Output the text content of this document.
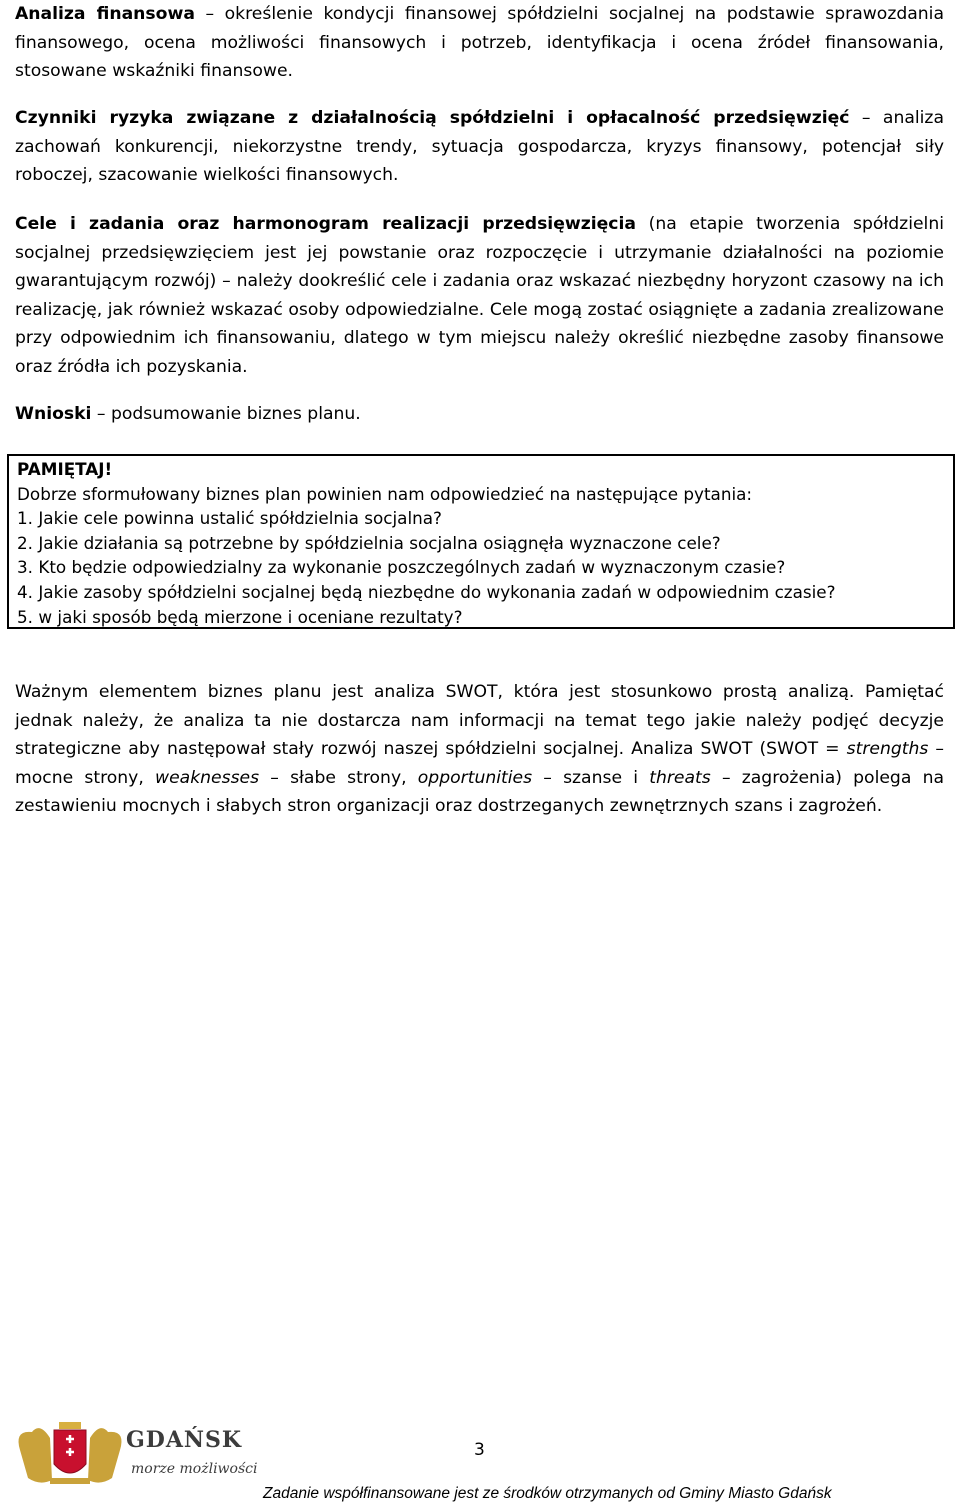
Analiza finansowa – określenie kondycji finansowej spółdzielni socjalnej na podstawie sprawozdania finansowego, ocena możliwości finansowych i potrzeb, identyfikacja i ocena źródeł finansowania, stosowane wskaźniki finansowe.

Czynniki ryzyka związane z działalnością spółdzielni i opłacalność przedsięwzięć – analiza zachowań konkurencji, niekorzystne trendy, sytuacja gospodarcza, kryzys finansowy, potencjał siły roboczej, szacowanie wielkości finansowych.

Cele i zadania oraz harmonogram realizacji przedsięwzięcia (na etapie tworzenia spółdzielni socjalnej przedsięwzięciem jest jej powstanie oraz rozpoczęcie i utrzymanie działalności na poziomie gwarantującym rozwój) – należy dookreślić cele i zadania oraz wskazać niezbędny horyzont czasowy na ich realizację, jak również wskazać osoby odpowiedzialne. Cele mogą zostać osiągnięte a zadania zrealizowane przy odpowiednim ich finansowaniu, dlatego w tym miejscu należy określić niezbędne zasoby finansowe oraz źródła ich pozyskania.

Wnioski – podsumowanie biznes planu.

PAMIĘTAJ!
Dobrze sformułowany biznes plan powinien nam odpowiedzieć na następujące pytania:
1. Jakie cele powinna ustalić spółdzielnia socjalna?
2. Jakie działania są potrzebne by spółdzielnia socjalna osiągnęła wyznaczone cele?
3. Kto będzie odpowiedzialny za wykonanie poszczególnych zadań w wyznaczonym czasie?
4. Jakie zasoby spółdzielni socjalnej będą niezbędne do wykonania zadań w odpowiednim czasie?
5. w jaki sposób będą mierzone i oceniane rezultaty?

Ważnym elementem biznes planu jest analiza SWOT, która jest stosunkowo prostą analizą. Pamiętać jednak należy, że analiza ta nie dostarcza nam informacji na temat tego jakie należy podjęć decyzje strategiczne aby następował stały rozwój naszej spółdzielni socjalnej. Analiza SWOT (SWOT = strengths – mocne strony, weaknesses – słabe strony, opportunities – szanse i threats – zagrożenia) polega na zestawieniu mocnych i słabych stron organizacji oraz dostrzeganych zewnętrznych szans i zagrożeń.

GDAŃSK
morze możliwości
3
Zadanie współfinansowane jest ze środków otrzymanych od Gminy Miasto Gdańsk
